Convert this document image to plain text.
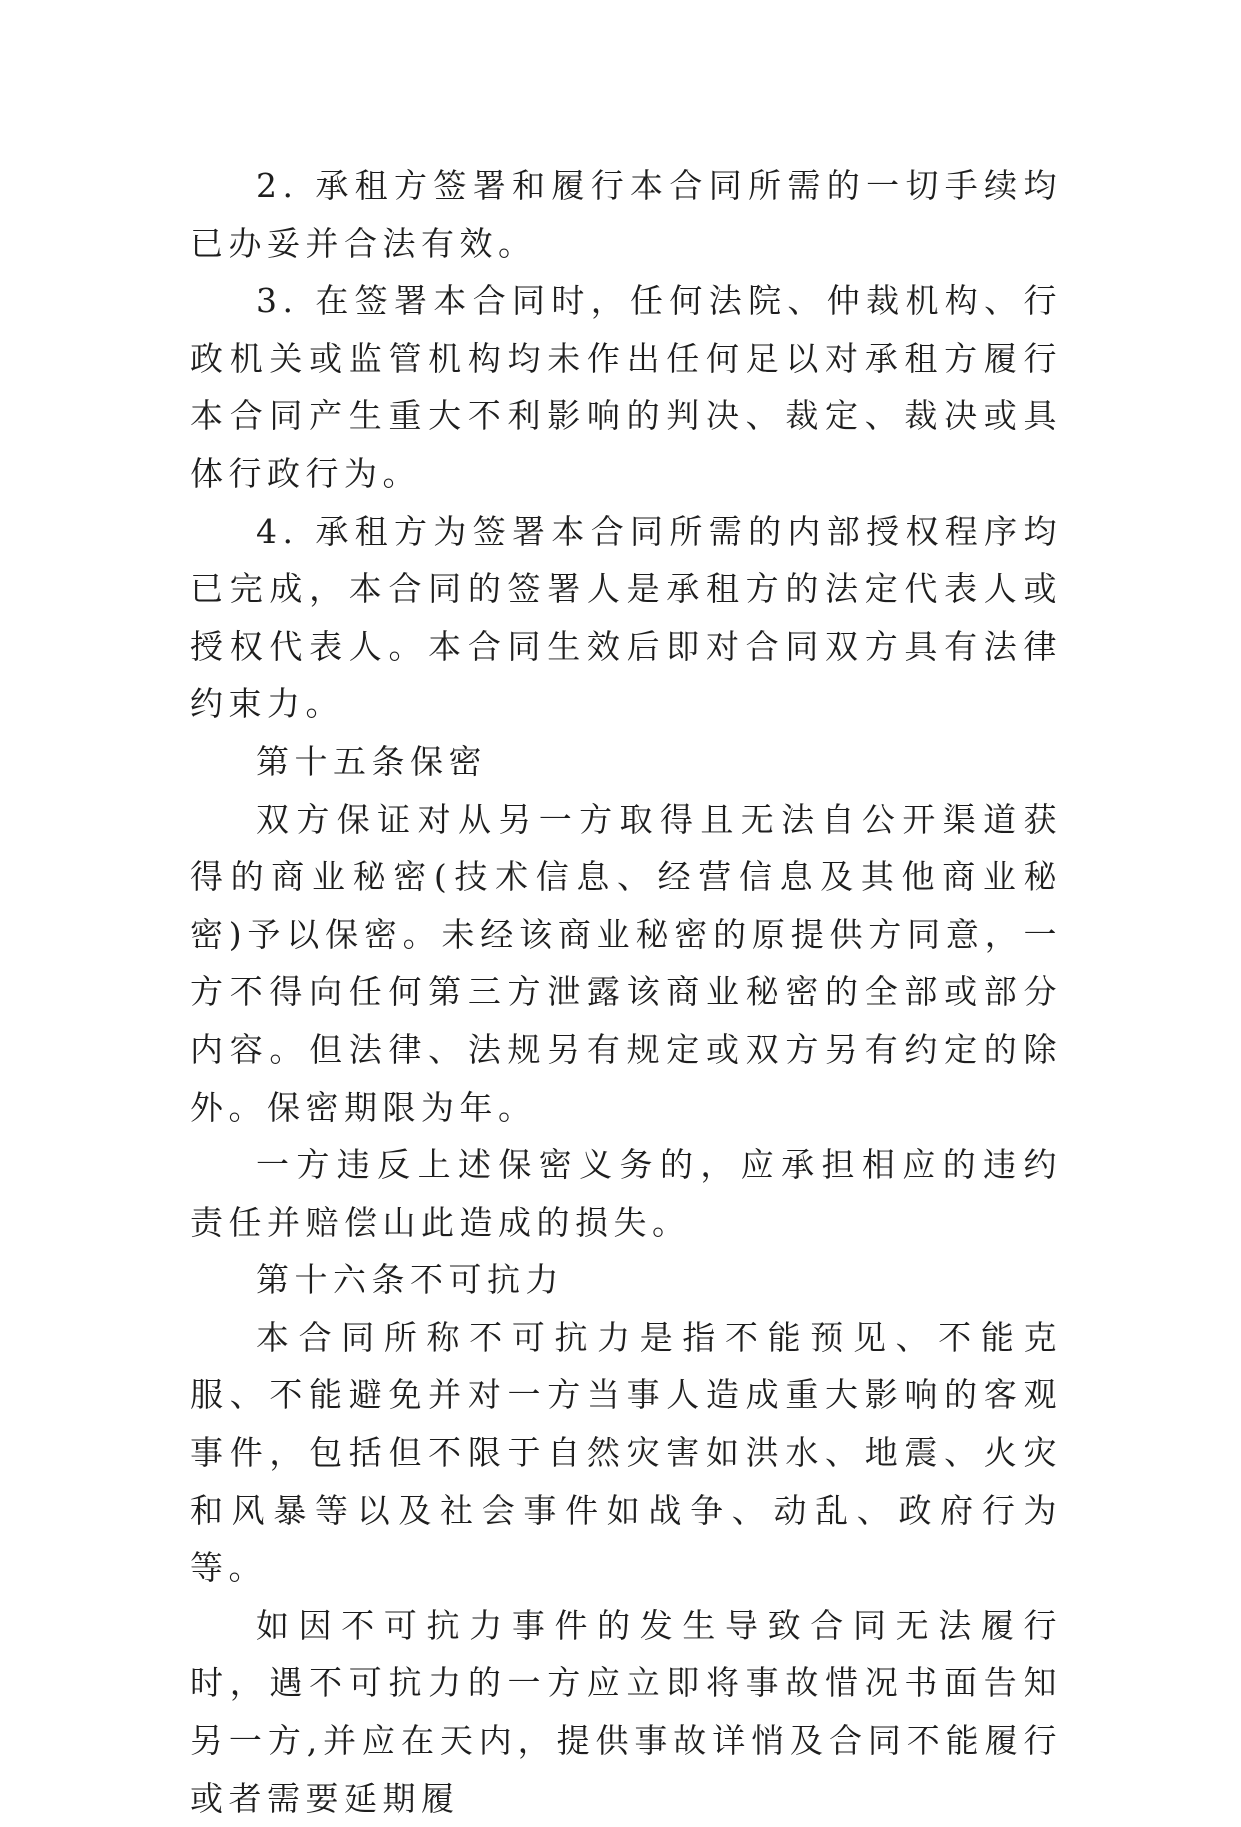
2. 承租方签署和履行本合同所需的一切手续均已办妥并合法有效。

3. 在签署本合同时，任何法院、仲裁机构、行政机关或监管机构均未作出任何足以对承租方履行本合同产生重大不利影响的判决、裁定、裁决或具体行政行为。

4. 承租方为签署本合同所需的内部授权程序均已完成，本合同的签署人是承租方的法定代表人或授权代表人。本合同生效后即对合同双方具有法律约束力。

第十五条保密

双方保证对从另一方取得且无法自公开渠道获得的商业秘密(技术信息、经营信息及其他商业秘密)予以保密。未经该商业秘密的原提供方同意，一方不得向任何第三方泄露该商业秘密的全部或部分内容。但法律、法规另有规定或双方另有约定的除外。保密期限为年。

一方违反上述保密义务的，应承担相应的违约责任并赔偿山此造成的损失。

第十六条不可抗力

本合同所称不可抗力是指不能预见、不能克服、不能避免并对一方当事人造成重大影响的客观事件，包括但不限于自然灾害如洪水、地震、火灾和风暴等以及社会事件如战争、动乱、政府行为等。

如因不可抗力事件的发生导致合同无法履行时，遇不可抗力的一方应立即将事故惜况书面告知另一方,并应在天内，提供事故详悄及合同不能履行或者需要延期履
